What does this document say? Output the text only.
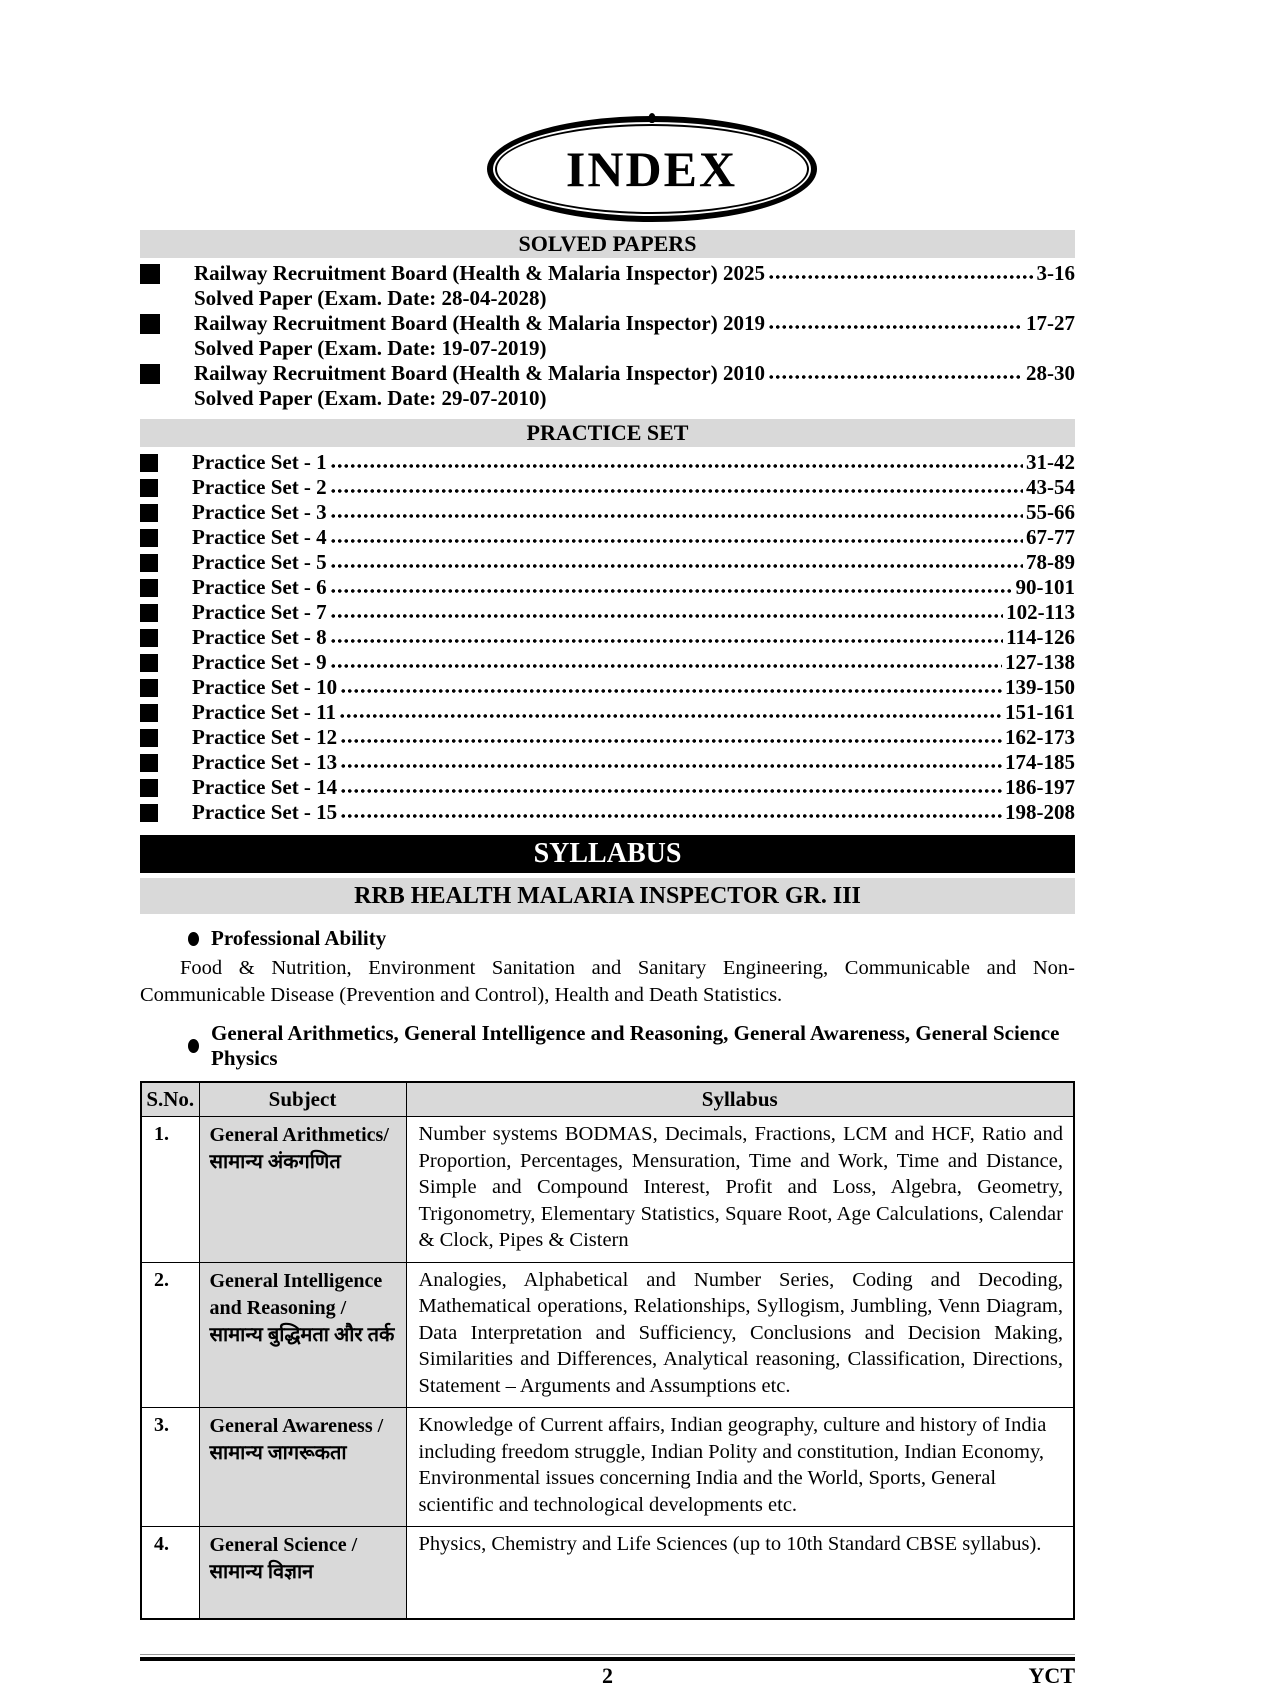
INDEX
SOLVED PAPERS
Railway Recruitment Board (Health & Malaria Inspector) 2025	3-16
Solved Paper (Exam. Date: 28-04-2028)
Railway Recruitment Board (Health & Malaria Inspector) 2019	17-27
Solved Paper (Exam. Date: 19-07-2019)
Railway Recruitment Board (Health & Malaria Inspector) 2010	28-30
Solved Paper (Exam. Date: 29-07-2010)
PRACTICE SET
Practice Set - 1	31-42
Practice Set - 2	43-54
Practice Set - 3	55-66
Practice Set - 4	67-77
Practice Set - 5	78-89
Practice Set - 6	90-101
Practice Set - 7	102-113
Practice Set - 8	114-126
Practice Set - 9	127-138
Practice Set - 10	139-150
Practice Set - 11	151-161
Practice Set - 12	162-173
Practice Set - 13	174-185
Practice Set - 14	186-197
Practice Set - 15	198-208
SYLLABUS
RRB HEALTH MALARIA INSPECTOR GR. III
Professional Ability
Food & Nutrition, Environment Sanitation and Sanitary Engineering, Communicable and Non-Communicable Disease (Prevention and Control), Health and Death Statistics.
General Arithmetics, General Intelligence and Reasoning, General Awareness, General Science Physics
S.No.	Subject	Syllabus
1.	General Arithmetics/सामान्य अंकगणित	Number systems BODMAS, Decimals, Fractions, LCM and HCF, Ratio and Proportion, Percentages, Mensuration, Time and Work, Time and Distance, Simple and Compound Interest, Profit and Loss, Algebra, Geometry, Trigonometry, Elementary Statistics, Square Root, Age Calculations, Calendar & Clock, Pipes & Cistern
2.	General Intelligence and Reasoning /सामान्य बुद्धिमता और तर्क	Analogies, Alphabetical and Number Series, Coding and Decoding, Mathematical operations, Relationships, Syllogism, Jumbling, Venn Diagram, Data Interpretation and Sufficiency, Conclusions and Decision Making, Similarities and Differences, Analytical reasoning, Classification, Directions, Statement – Arguments and Assumptions etc.
3.	General Awareness /सामान्य जागरूकता	Knowledge of Current affairs, Indian geography, culture and history of India including freedom struggle, Indian Polity and constitution, Indian Economy, Environmental issues concerning India and the World, Sports, General scientific and technological developments etc.
4.	General Science /सामान्य विज्ञान	Physics, Chemistry and Life Sciences (up to 10th Standard CBSE syllabus).
2	YCT
